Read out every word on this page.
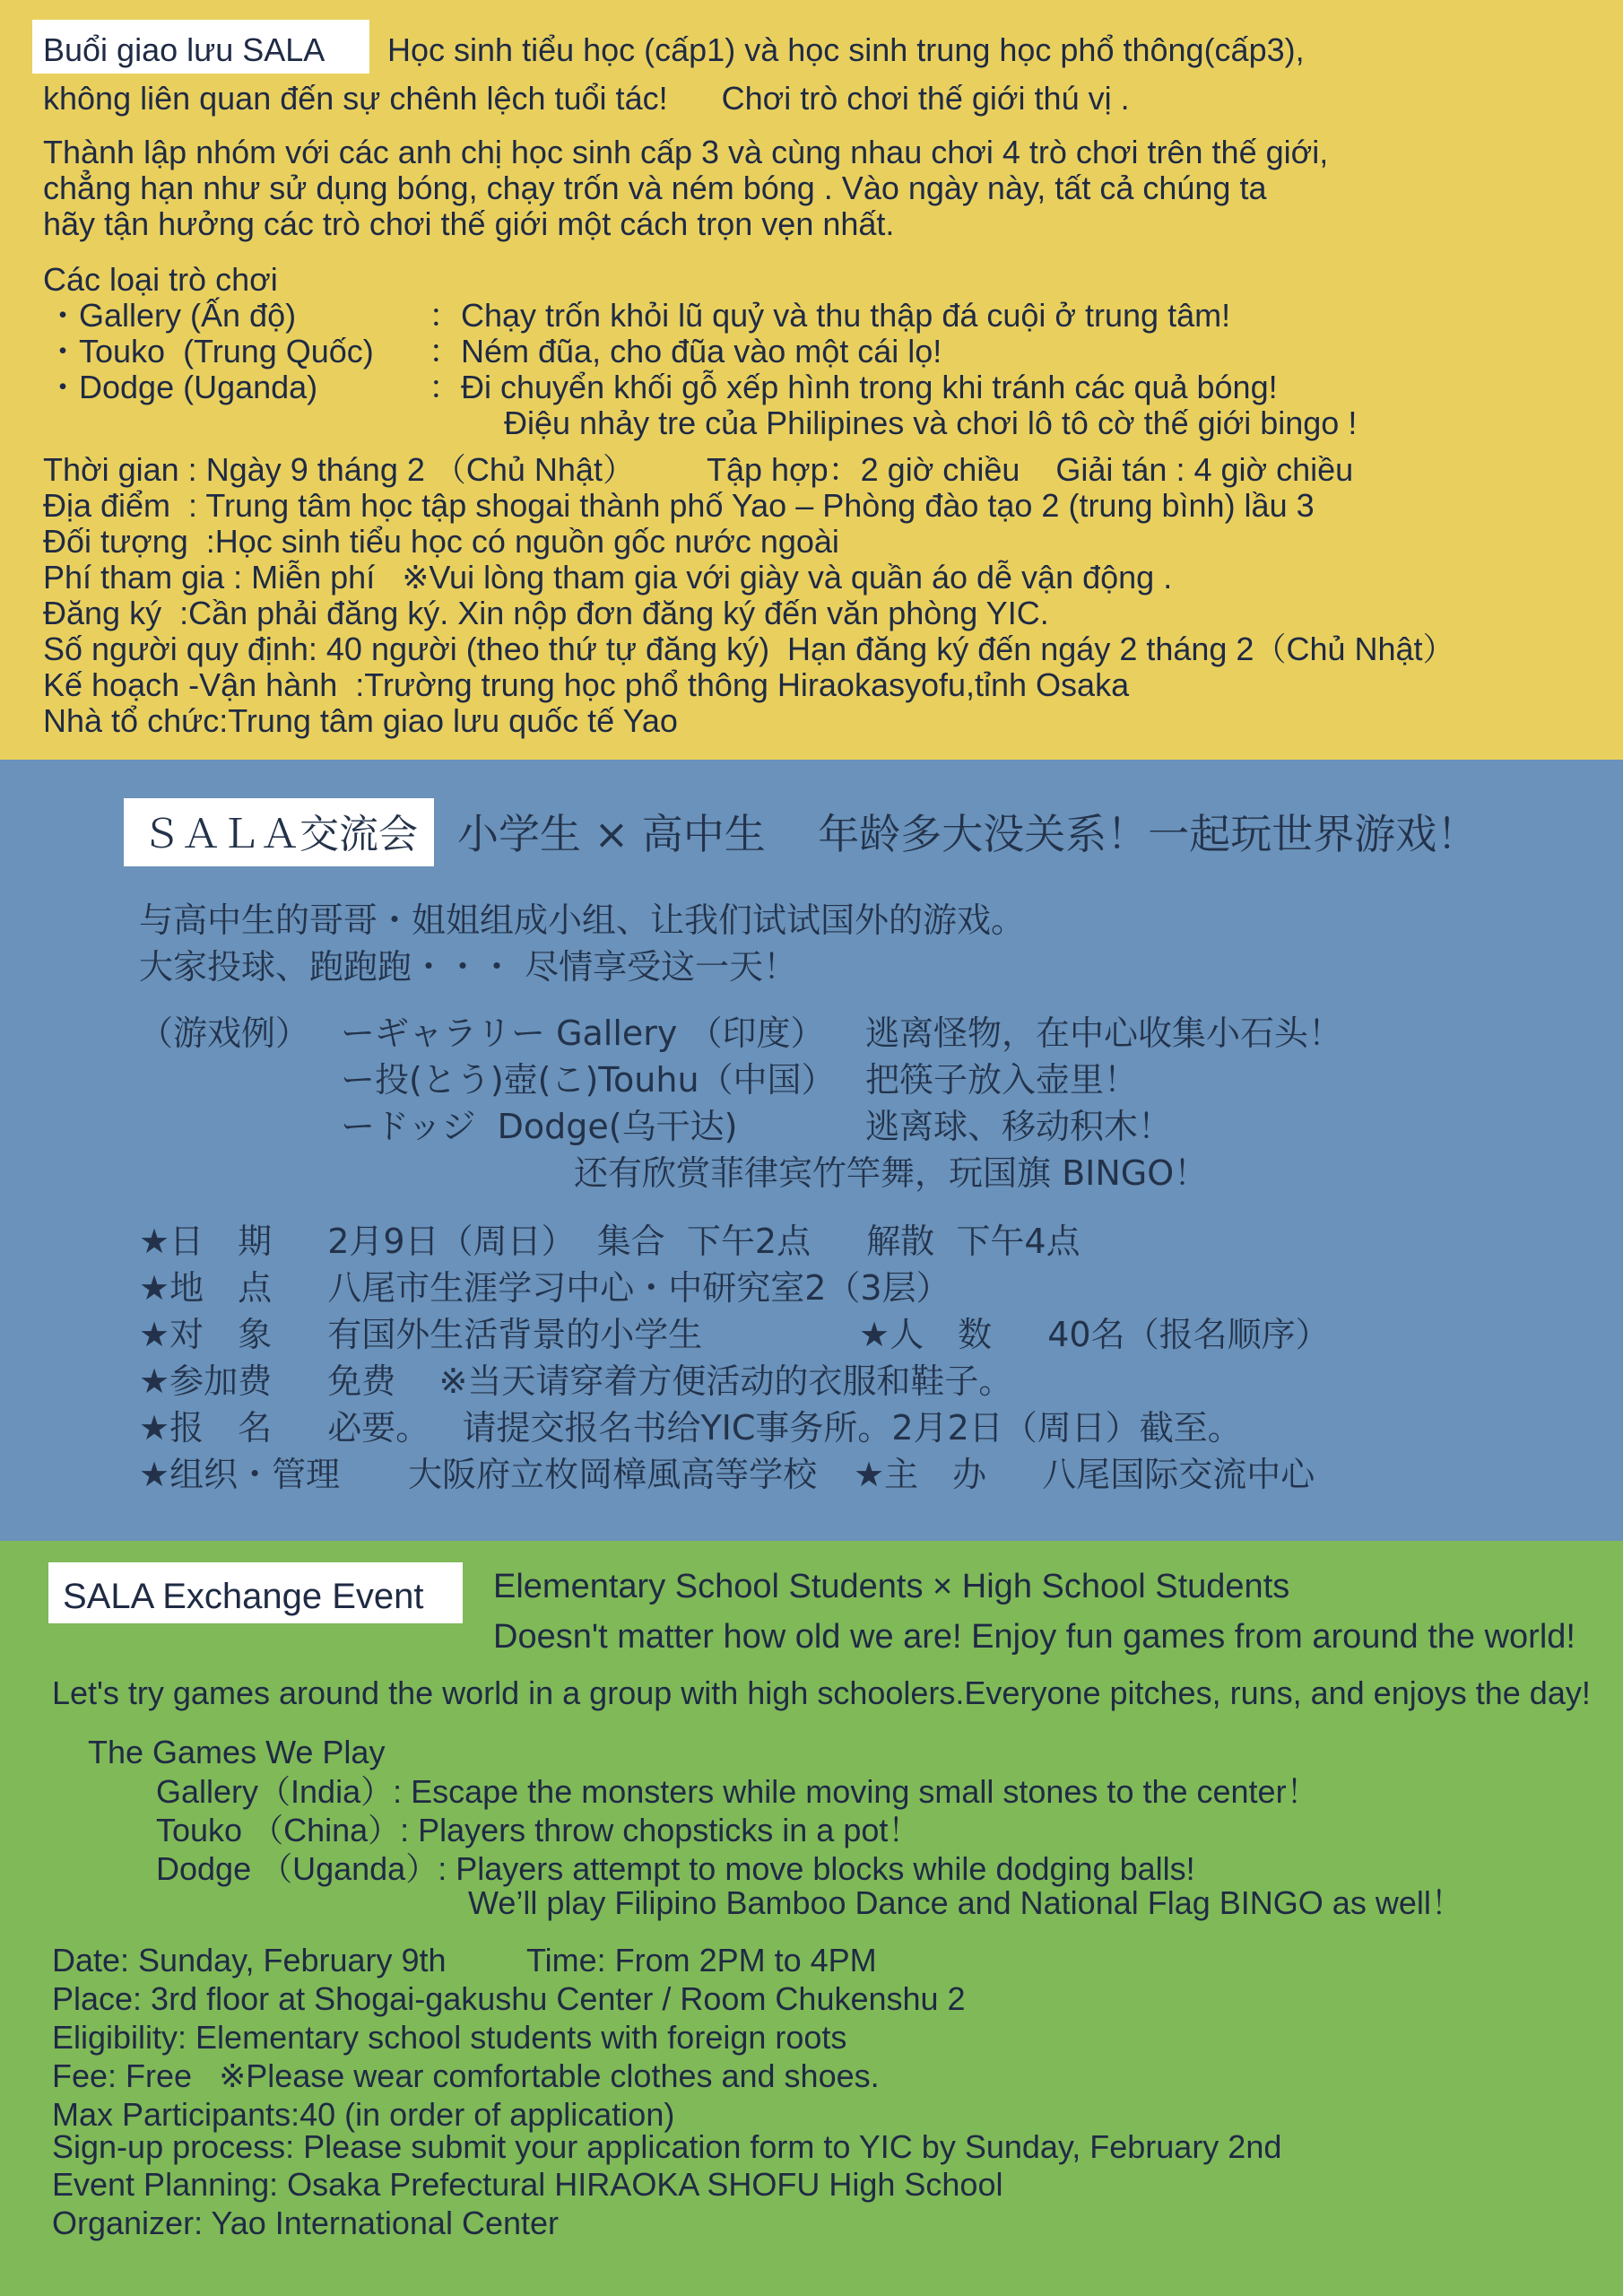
Buổi giao lưu SALA Học sinh tiểu học (cấp1) và học sinh trung học phổ thông(cấp3),
không liên quan đến sự chênh lệch tuổi tác!      Chơi trò chơi thế giới thú vị .
Thành lập nhóm với các anh chị học sinh cấp 3 và cùng nhau chơi 4 trò chơi trên thế giới,
chẳng hạn như sử dụng bóng, chạy trốn và ném bóng . Vào ngày này, tất cả chúng ta
hãy tận hưởng các trò chơi thế giới một cách trọn vẹn nhất.
Các loại trò chơi
・Gallery (Ấn độ)	：Chạy trốn khỏi lũ quỷ và thu thập đá cuội ở trung tâm!
・Touko  (Trung Quốc) ：Ném đũa, cho đũa vào một cái lọ!
・Dodge (Uganda)	：Đi chuyển khối gỗ xếp hình trong khi tránh các quả bóng!
Điệu nhảy tre của Philipines và chơi lô tô cờ thế giới bingo !
Thời gian : Ngày 9 tháng 2 （Chủ Nhật）        Tập hợp：2 giờ chiều    Giải tán : 4 giờ chiều
Địa điểm  : Trung tâm học tập shogai thành phố Yao – Phòng đào tạo 2 (trung bình) lầu 3
Đối tượng  :Học sinh tiểu học có nguồn gốc nước ngoài
Phí tham gia : Miễn phí   ※Vui lòng tham gia với giày và quần áo dễ vận động .
Đăng ký  :Cần phải đăng ký. Xin nộp đơn đăng ký đến văn phòng YIC.
Số người quy định: 40 người (theo thứ tự đăng ký)  Hạn đăng ký đến ngáy 2 tháng 2（Chủ Nhật）
Kế hoạch -Vận hành  :Trường trung học phổ thông Hiraokasyofu,tỉnh Osaka
Nhà tổ chức:Trung tâm giao lưu quốc tế Yao
ＳＡＬＡ交流会 小学生 × 高中生    年龄多大没关系！一起玩世界游戏！
与高中生的哥哥・姐姐组成小组、让我们试试国外的游戏。
大家投球、跑跑跑・・・ 尽情享受这一天！
（游戏例） ーギャラリー Gallery （印度） 逃离怪物，在中心收集小石头！
ー投(とう)壺(こ)Touhu（中国） 把筷子放入壶里！
ードッジ  Dodge(乌干达)	逃离球、移动积木！
还有欣赏菲律宾竹竿舞，玩国旗 BINGO！
★日　期　  2月9日（周日）  集合  下午2点　  解散  下午4点
★地　点　  八尾市生涯学习中心・中研究室2（3层）
★对　象　  有国外生活背景的小学生	★人　数　  40名（报名顺序）
★参加费　  免费    ※当天请穿着方便活动的衣服和鞋子。
★报　名　  必要。   请提交报名书给YIC事务所。2月2日（周日）截至。
★组织・管理　　大阪府立枚岡樟風高等学校 ★主　办　  八尾国际交流中心
SALA Exchange Event Elementary School Students × High School Students
Doesn't matter how old we are! Enjoy fun games from around the world!
Let's try games around the world in a group with high schoolers.Everyone pitches, runs, and enjoys the day!
The Games We Play
Gallery（India）: Escape the monsters while moving small stones to the center！
Touko （China）: Players throw chopsticks in a pot！
Dodge （Uganda）: Players attempt to move blocks while dodging balls!
We’ll play Filipino Bamboo Dance and National Flag BINGO as well！
Date: Sunday, February 9th         Time: From 2PM to 4PM
Place: 3rd floor at Shogai-gakushu Center / Room Chukenshu 2
Eligibility: Elementary school students with foreign roots
Fee: Free   ※Please wear comfortable clothes and shoes.
Max Participants:40 (in order of application)
Sign-up process: Please submit your application form to YIC by Sunday, February 2nd
Event Planning: Osaka Prefectural HIRAOKA SHOFU High School
Organizer: Yao International Center
